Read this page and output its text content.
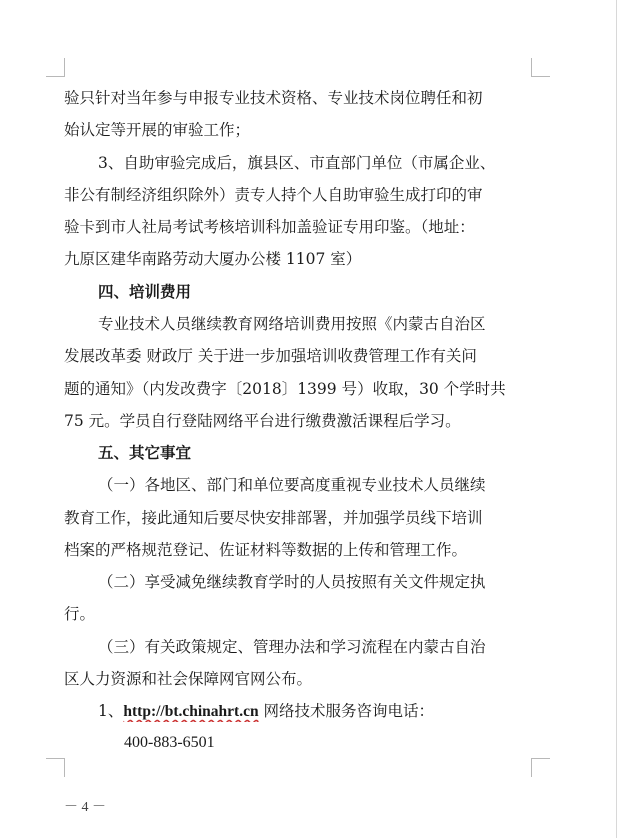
验只针对当年参与申报专业技术资格、专业技术岗位聘任和初
始认定等开展的审验工作；
3、自助审验完成后，旗县区、市直部门单位（市属企业、
非公有制经济组织除外）责专人持个人自助审验生成打印的审
验卡到市人社局考试考核培训科加盖验证专用印鉴。（地址：
九原区建华南路劳动大厦办公楼 1107 室）
四、培训费用
专业技术人员继续教育网络培训费用按照《内蒙古自治区
发展改革委 财政厅 关于进一步加强培训收费管理工作有关问
题的通知》（内发改费字〔2018〕1399 号）收取，30 个学时共
75 元。学员自行登陆网络平台进行缴费激活课程后学习。
五、其它事宜
（一）各地区、部门和单位要高度重视专业技术人员继续
教育工作，接此通知后要尽快安排部署，并加强学员线下培训
档案的严格规范登记、佐证材料等数据的上传和管理工作。
（二）享受减免继续教育学时的人员按照有关文件规定执
行。
（三）有关政策规定、管理办法和学习流程在内蒙古自治
区人力资源和社会保障网官网公布。
1、http://bt.chinahrt.cn 网络技术服务咨询电话：
400-883-6501
－ 4 －
